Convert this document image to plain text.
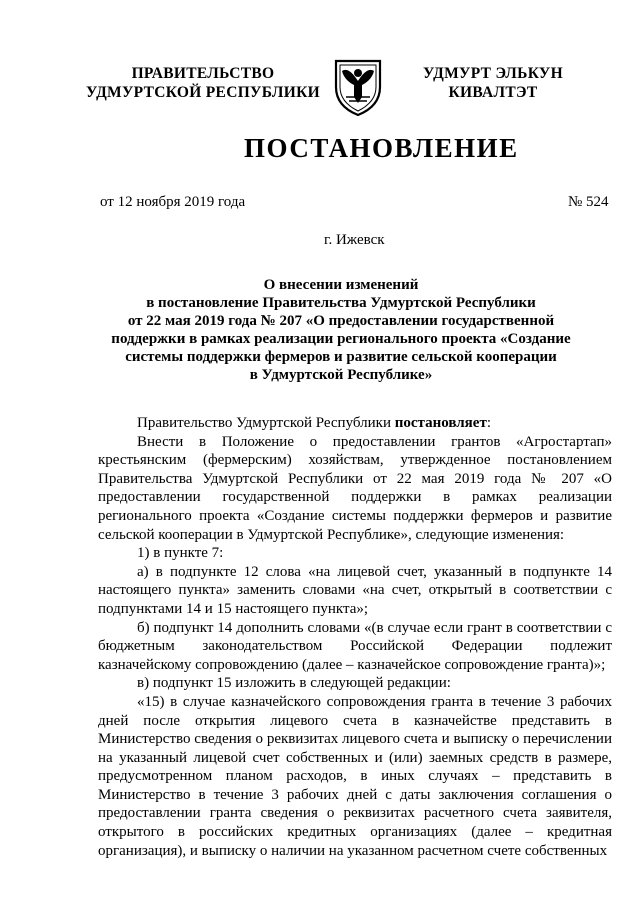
ПРАВИТЕЛЬСТВО
УДМУРТСКОЙ РЕСПУБЛИКИ
УДМУРТ ЭЛЬКУН
КИВАЛТЭТ
ПОСТАНОВЛЕНИЕ
от 12 ноября 2019 года	№ 524
г. Ижевск
О внесении изменений
в постановление Правительства Удмуртской Республики
от 22 мая 2019 года № 207 «О предоставлении государственной
поддержки в рамках реализации регионального проекта «Создание
системы поддержки фермеров и развитие сельской кооперации
в Удмуртской Республике»

Правительство Удмуртской Республики постановляет:

Внести в Положение о предоставлении грантов «Агростартап» крестьянским (фермерским) хозяйствам, утвержденное постановлением Правительства Удмуртской Республики от 22 мая 2019 года № 207 «О предоставлении государственной поддержки в рамках реализации регионального проекта «Создание системы поддержки фермеров и развитие сельской кооперации в Удмуртской Республике», следующие изменения:

1) в пункте 7:

а) в подпункте 12 слова «на лицевой счет, указанный в подпункте 14 настоящего пункта» заменить словами «на счет, открытый в соответствии с подпунктами 14 и 15 настоящего пункта»;

б) подпункт 14 дополнить словами «(в случае если грант в соответствии с бюджетным законодательством Российской Федерации подлежит казначейскому сопровождению (далее – казначейское сопровождение гранта)»;

в) подпункт 15 изложить в следующей редакции:

«15) в случае казначейского сопровождения гранта в течение 3 рабочих дней после открытия лицевого счета в казначействе представить в Министерство сведения о реквизитах лицевого счета и выписку о перечислении на указанный лицевой счет собственных и (или) заемных средств в размере, предусмотренном планом расходов, в иных случаях – представить в Министерство в течение 3 рабочих дней с даты заключения соглашения о предоставлении гранта сведения о реквизитах расчетного счета заявителя, открытого в российских кредитных организациях (далее – кредитная организация), и выписку о наличии на указанном расчетном счете собственных
